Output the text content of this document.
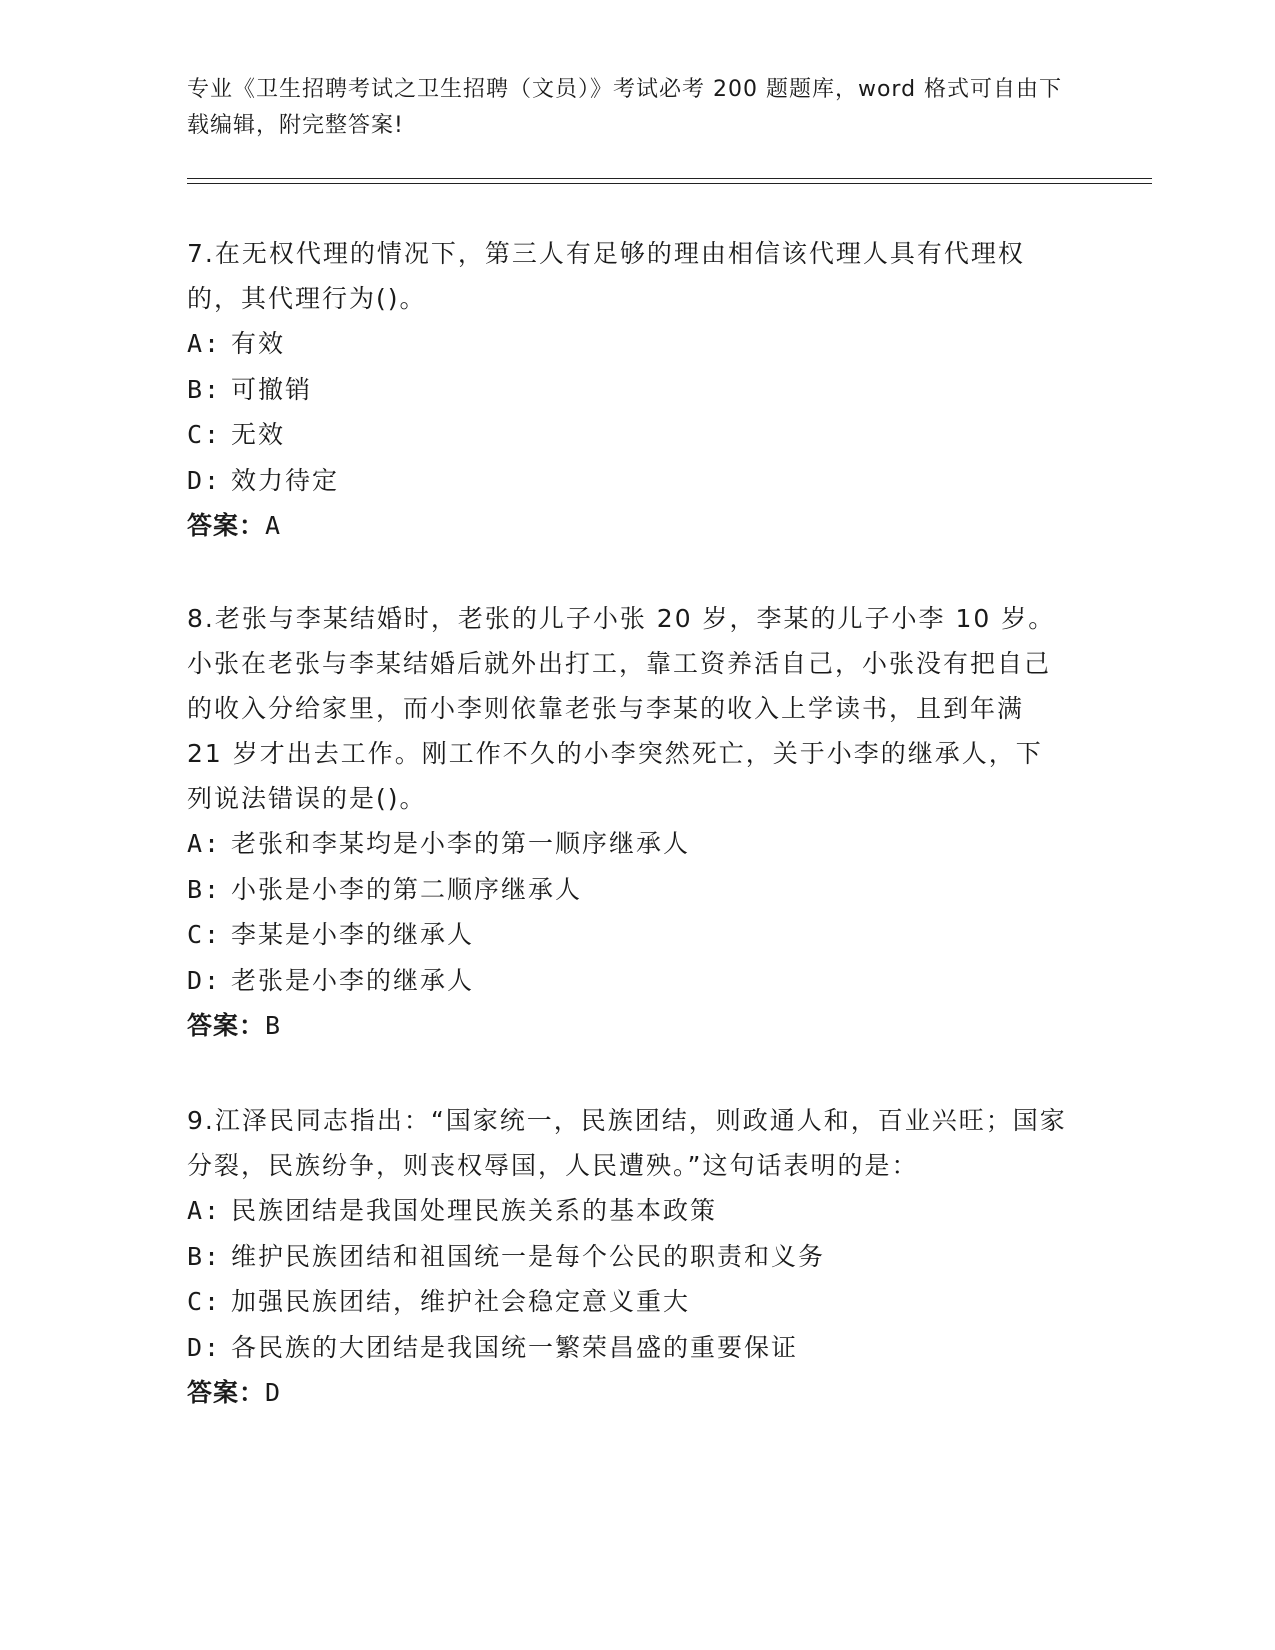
专业《卫生招聘考试之卫生招聘（文员）》考试必考 200 题题库，word 格式可自由下载编辑，附完整答案!

7.在无权代理的情况下，第三人有足够的理由相信该代理人具有代理权的，其代理行为()。

A: 有效

B: 可撤销

C: 无效

D: 效力待定

答案：A

8.老张与李某结婚时，老张的儿子小张 20 岁，李某的儿子小李 10 岁。小张在老张与李某结婚后就外出打工，靠工资养活自己，小张没有把自己的收入分给家里，而小李则依靠老张与李某的收入上学读书，且到年满 21 岁才出去工作。刚工作不久的小李突然死亡，关于小李的继承人，下列说法错误的是()。

A: 老张和李某均是小李的第一顺序继承人

B: 小张是小李的第二顺序继承人

C: 李某是小李的继承人

D: 老张是小李的继承人

答案：B

9.江泽民同志指出：“国家统一，民族团结，则政通人和，百业兴旺；国家分裂，民族纷争，则丧权辱国，人民遭殃。”这句话表明的是：

A: 民族团结是我国处理民族关系的基本政策

B: 维护民族团结和祖国统一是每个公民的职责和义务

C: 加强民族团结，维护社会稳定意义重大

D: 各民族的大团结是我国统一繁荣昌盛的重要保证

答案：D
